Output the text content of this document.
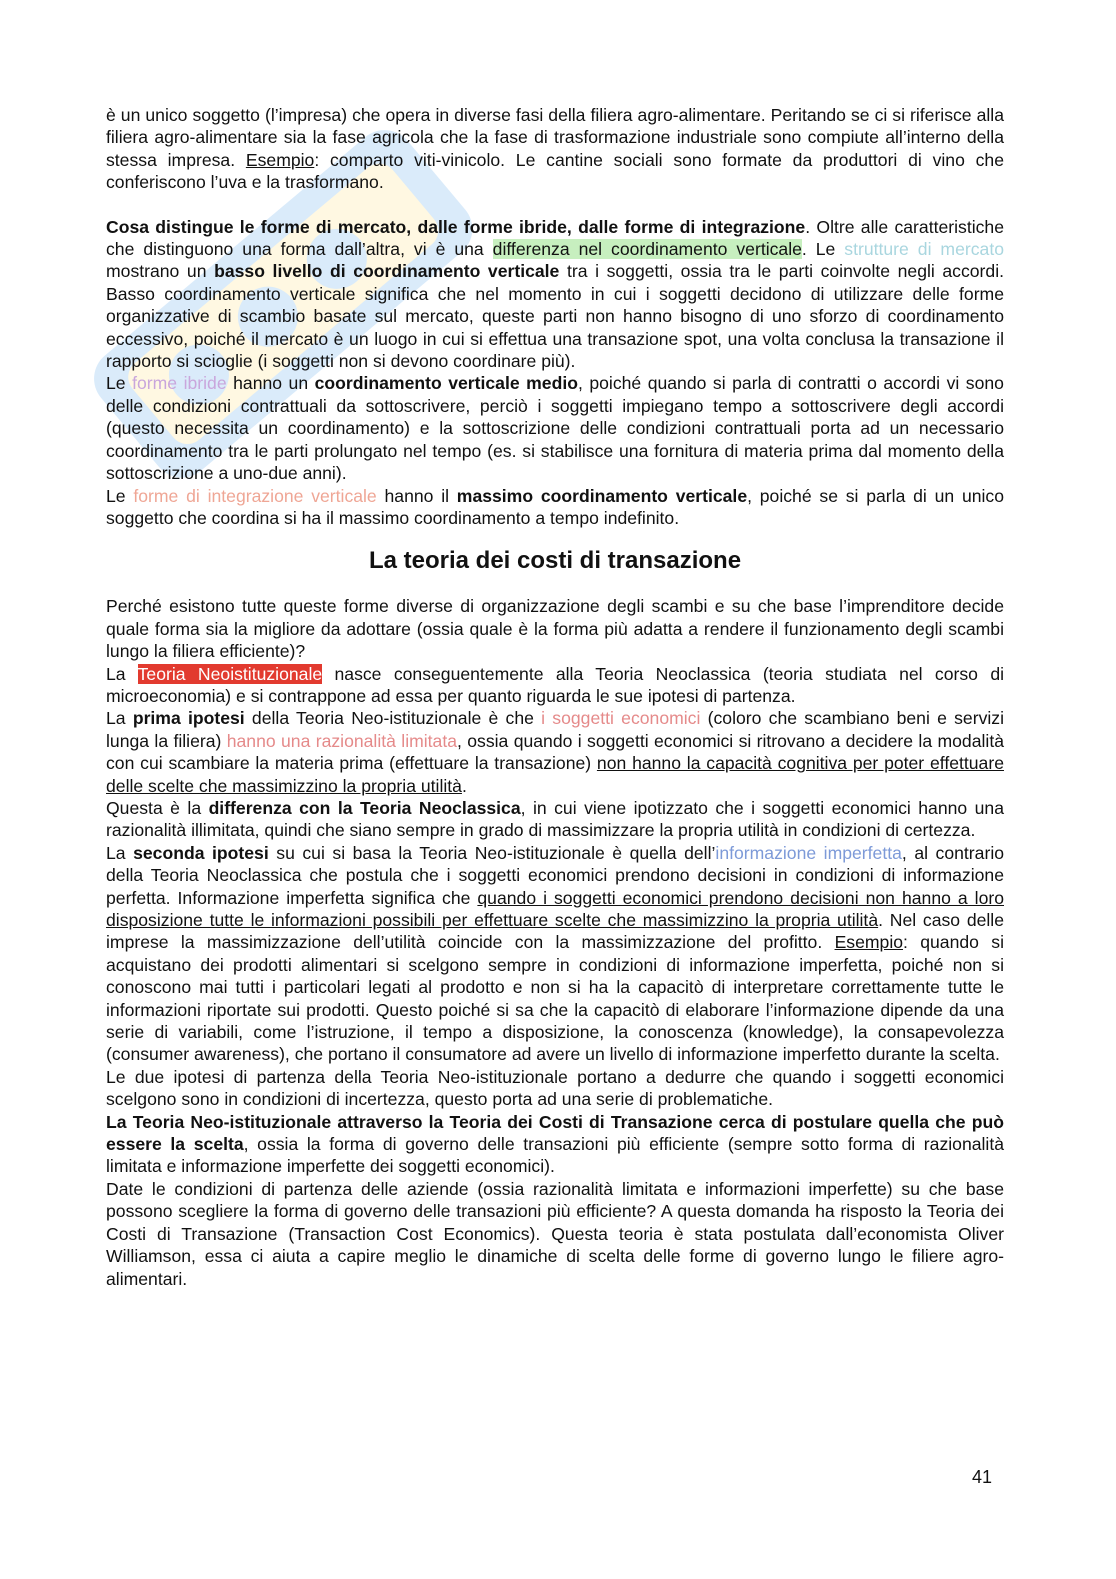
è un unico soggetto (l’impresa) che opera in diverse fasi della filiera agro-alimentare. Peritando se ci si riferisce alla filiera agro-alimentare sia la fase agricola che la fase di trasformazione industriale sono compiute all’interno della stessa impresa. Esempio: comparto viti-vinicolo. Le cantine sociali sono formate da produttori di vino che conferiscono l’uva e la trasformano.

Cosa distingue le forme di mercato, dalle forme ibride, dalle forme di integrazione. Oltre alle caratteristiche che distinguono una forma dall’altra, vi è una differenza nel coordinamento verticale. Le strutture di mercato mostrano un basso livello di coordinamento verticale tra i soggetti, ossia tra le parti coinvolte negli accordi. Basso coordinamento verticale significa che nel momento in cui i soggetti decidono di utilizzare delle forme organizzative di scambio basate sul mercato, queste parti non hanno bisogno di uno sforzo di coordinamento eccessivo, poiché il mercato è un luogo in cui si effettua una transazione spot, una volta conclusa la transazione il rapporto si scioglie (i soggetti non si devono coordinare più).

Le forme ibride hanno un coordinamento verticale medio, poiché quando si parla di contratti o accordi vi sono delle condizioni contrattuali da sottoscrivere, perciò i soggetti impiegano tempo a sottoscrivere degli accordi (questo necessita un coordinamento) e la sottoscrizione delle condizioni contrattuali porta ad un necessario coordinamento tra le parti prolungato nel tempo (es. si stabilisce una fornitura di materia prima dal momento della sottoscrizione a uno-due anni).

Le forme di integrazione verticale hanno il massimo coordinamento verticale, poiché se si parla di un unico soggetto che coordina si ha il massimo coordinamento a tempo indefinito.

La teoria dei costi di transazione

Perché esistono tutte queste forme diverse di organizzazione degli scambi e su che base l’imprenditore decide quale forma sia la migliore da adottare (ossia quale è la forma più adatta a rendere il funzionamento degli scambi lungo la filiera efficiente)?

La Teoria Neoistituzionale nasce conseguentemente alla Teoria Neoclassica (teoria studiata nel corso di microeconomia) e si contrappone ad essa per quanto riguarda le sue ipotesi di partenza.

La prima ipotesi della Teoria Neo-istituzionale è che i soggetti economici (coloro che scambiano beni e servizi lunga la filiera) hanno una razionalità limitata, ossia quando i soggetti economici si ritrovano a decidere la modalità con cui scambiare la materia prima (effettuare la transazione) non hanno la capacità cognitiva per poter effettuare delle scelte che massimizzino la propria utilità.

Questa è la differenza con la Teoria Neoclassica, in cui viene ipotizzato che i soggetti economici hanno una razionalità illimitata, quindi che siano sempre in grado di massimizzare la propria utilità in condizioni di certezza.

La seconda ipotesi su cui si basa la Teoria Neo-istituzionale è quella dell’informazione imperfetta, al contrario della Teoria Neoclassica che postula che i soggetti economici prendono decisioni in condizioni di informazione perfetta. Informazione imperfetta significa che quando i soggetti economici prendono decisioni non hanno a loro disposizione tutte le informazioni possibili per effettuare scelte che massimizzino la propria utilità. Nel caso delle imprese la massimizzazione dell’utilità coincide con la massimizzazione del profitto. Esempio: quando si acquistano dei prodotti alimentari si scelgono sempre in condizioni di informazione imperfetta, poiché non si conoscono mai tutti i particolari legati al prodotto e non si ha la capacitò di interpretare correttamente tutte le informazioni riportate sui prodotti. Questo poiché si sa che la capacitò di elaborare l’informazione dipende da una serie di variabili, come l’istruzione, il tempo a disposizione, la conoscenza (knowledge), la consapevolezza (consumer awareness), che portano il consumatore ad avere un livello di informazione imperfetto durante la scelta.

Le due ipotesi di partenza della Teoria Neo-istituzionale portano a dedurre che quando i soggetti economici scelgono sono in condizioni di incertezza, questo porta ad una serie di problematiche.

La Teoria Neo-istituzionale attraverso la Teoria dei Costi di Transazione cerca di postulare quella che può essere la scelta, ossia la forma di governo delle transazioni più efficiente (sempre sotto forma di razionalità limitata e informazione imperfette dei soggetti economici).

Date le condizioni di partenza delle aziende (ossia razionalità limitata e informazioni imperfette) su che base possono scegliere la forma di governo delle transazioni più efficiente? A questa domanda ha risposto la Teoria dei Costi di Transazione (Transaction Cost Economics). Questa teoria è stata postulata dall’economista Oliver Williamson, essa ci aiuta a capire meglio le dinamiche di scelta delle forme di governo lungo le filiere agro-alimentari.

41
